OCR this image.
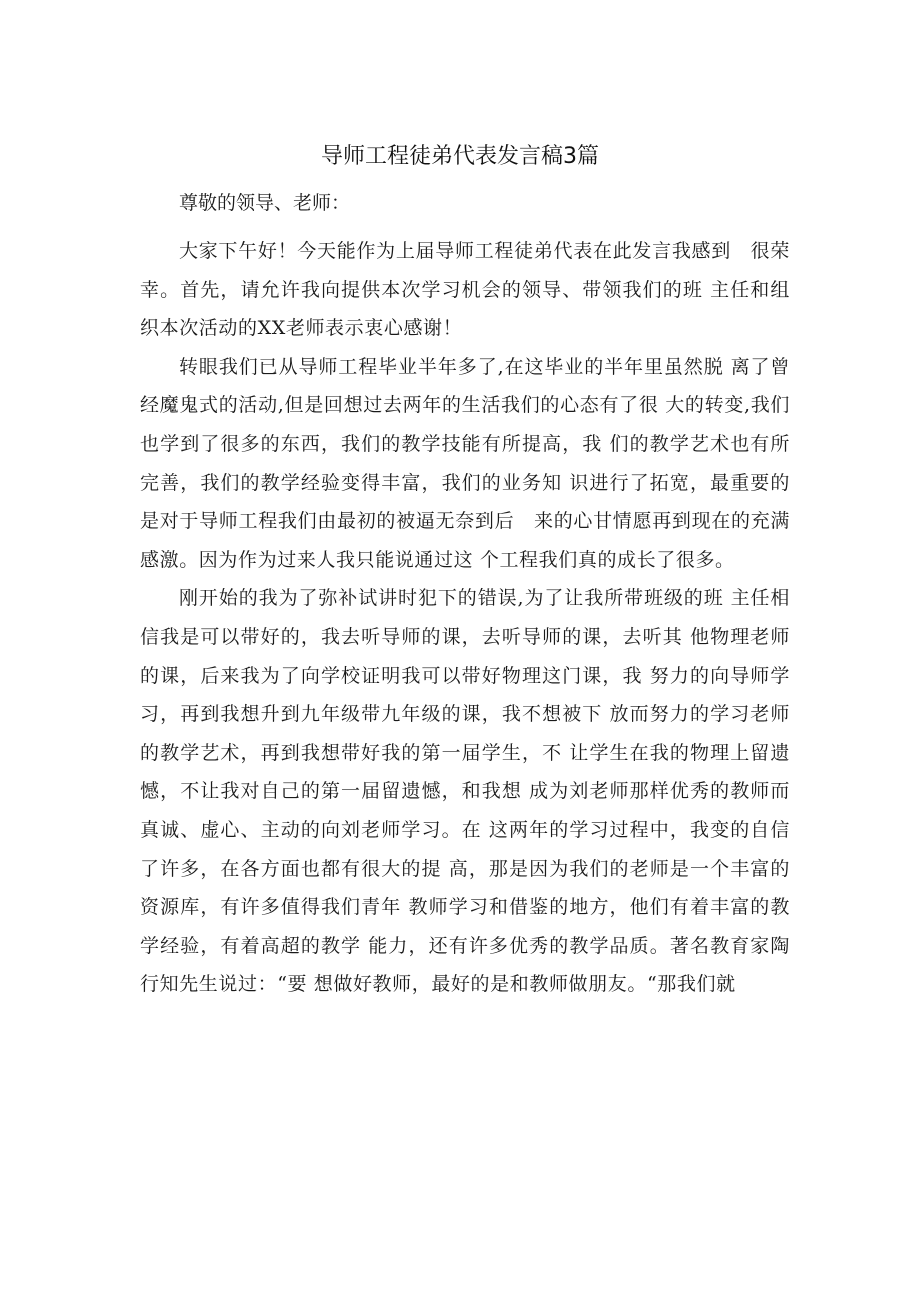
导师工程徒弟代表发言稿3篇

尊敬的领导、老师：

大家下午好！今天能作为上届导师工程徒弟代表在此发言我感到　很荣幸。首先，请允许我向提供本次学习机会的领导、带领我们的班 主任和组织本次活动的XX老师表示衷心感谢！

转眼我们已从导师工程毕业半年多了,在这毕业的半年里虽然脱 离了曾经魔鬼式的活动,但是回想过去两年的生活我们的心态有了很 大的转变,我们也学到了很多的东西，我们的教学技能有所提高，我 们的教学艺术也有所完善，我们的教学经验变得丰富，我们的业务知 识进行了拓宽，最重要的是对于导师工程我们由最初的被逼无奈到后　来的心甘情愿再到现在的充满感激。因为作为过来人我只能说通过这 个工程我们真的成长了很多。

刚开始的我为了弥补试讲时犯下的错误,为了让我所带班级的班 主任相信我是可以带好的，我去听导师的课，去听导师的课，去听其 他物理老师的课，后来我为了向学校证明我可以带好物理这门课，我 努力的向导师学习，再到我想升到九年级带九年级的课，我不想被下 放而努力的学习老师的教学艺术，再到我想带好我的第一届学生，不 让学生在我的物理上留遗憾，不让我对自己的第一届留遗憾，和我想 成为刘老师那样优秀的教师而真诚、虚心、主动的向刘老师学习。在 这两年的学习过程中，我变的自信了许多，在各方面也都有很大的提 高，那是因为我们的老师是一个丰富的资源库，有许多值得我们青年 教师学习和借鉴的地方，他们有着丰富的教学经验，有着高超的教学 能力，还有许多优秀的教学品质。著名教育家陶行知先生说过：“要 想做好教师，最好的是和教师做朋友。“那我们就
